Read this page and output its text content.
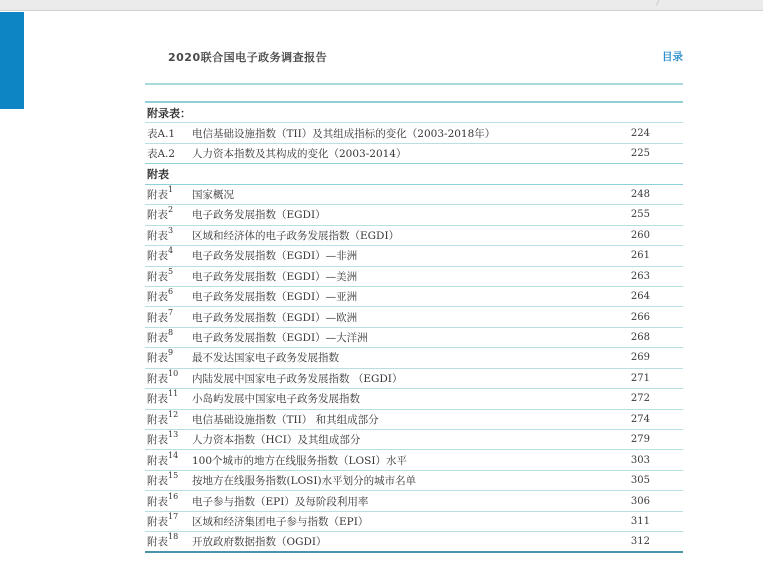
2020联合国电子政务调查报告	目录
附录表：
表A.1	电信基础设施指数（TII）及其组成指标的变化（2003-2018年）	224
表A.2	人力资本指数及其构成的变化（2003-2014）	225
附表
附表$^1$	国家概况	248
附表$^2$	电子政务发展指数（EGDI）	255
附表$^3$	区域和经济体的电子政务发展指数（EGDI）	260
附表$^4$	电子政务发展指数（EGDI）—非洲	261
附表$^5$	电子政务发展指数（EGDI）—美洲	263
附表$^6$	电子政务发展指数（EGDI）—亚洲	264
附表$^7$	电子政务发展指数（EGDI）—欧洲	266
附表$^8$	电子政务发展指数（EGDI）—大洋洲	268
附表$^9$	最不发达国家电子政务发展指数	269
附表$^{10}$	内陆发展中国家电子政务发展指数 （EGDI）	271
附表$^{11}$	小岛屿发展中国家电子政务发展指数	272
附表$^{12}$	电信基础设施指数（TII） 和其组成部分	274
附表$^{13}$	人力资本指数（HCI）及其组成部分	279
附表$^{14}$	100个城市的地方在线服务指数（LOSI）水平	303
附表$^{15}$	按地方在线服务指数(LOSI)水平划分的城市名单	305
附表$^{16}$	电子参与指数（EPI）及每阶段利用率	306
附表$^{17}$	区域和经济集团电子参与指数（EPI）	311
附表$^{18}$	开放政府数据指数（OGDI）	312
